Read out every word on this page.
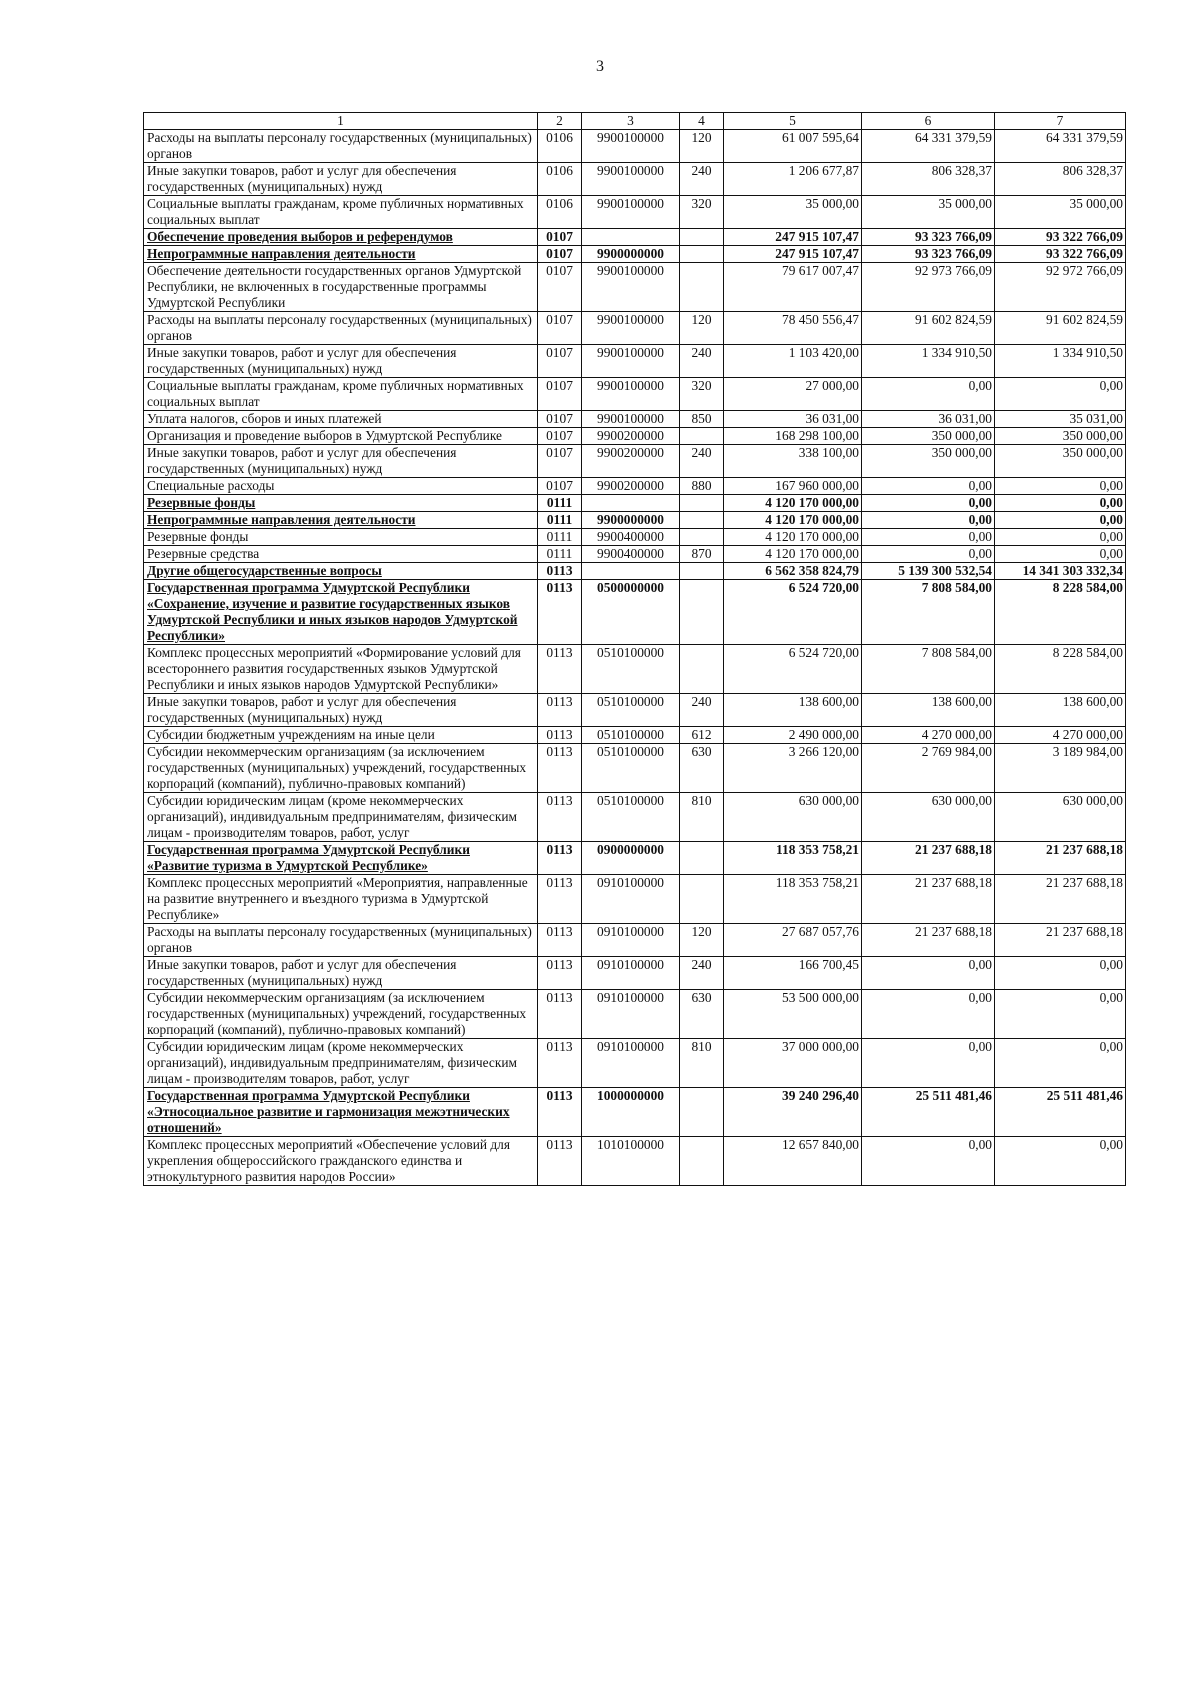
3
1	2	3	4	5	6	7
Расходы на выплаты персоналу государственных (муниципальных) органов	0106	9900100000	120	61 007 595,64	64 331 379,59	64 331 379,59
Иные закупки товаров, работ и услуг для обеспечения государственных (муниципальных) нужд	0106	9900100000	240	1 206 677,87	806 328,37	806 328,37
Социальные выплаты гражданам, кроме публичных нормативных социальных выплат	0106	9900100000	320	35 000,00	35 000,00	35 000,00
Обеспечение проведения выборов и референдумов	0107			247 915 107,47	93 323 766,09	93 322 766,09
Непрограммные направления деятельности	0107	9900000000		247 915 107,47	93 323 766,09	93 322 766,09
Обеспечение деятельности государственных органов Удмуртской Республики, не включенных в государственные программы Удмуртской Республики	0107	9900100000		79 617 007,47	92 973 766,09	92 972 766,09
Расходы на выплаты персоналу государственных (муниципальных) органов	0107	9900100000	120	78 450 556,47	91 602 824,59	91 602 824,59
Иные закупки товаров, работ и услуг для обеспечения государственных (муниципальных) нужд	0107	9900100000	240	1 103 420,00	1 334 910,50	1 334 910,50
Социальные выплаты гражданам, кроме публичных нормативных социальных выплат	0107	9900100000	320	27 000,00	0,00	0,00
Уплата налогов, сборов и иных платежей	0107	9900100000	850	36 031,00	36 031,00	35 031,00
Организация и проведение выборов в Удмуртской Республике	0107	9900200000		168 298 100,00	350 000,00	350 000,00
Иные закупки товаров, работ и услуг для обеспечения государственных (муниципальных) нужд	0107	9900200000	240	338 100,00	350 000,00	350 000,00
Специальные расходы	0107	9900200000	880	167 960 000,00	0,00	0,00
Резервные фонды	0111			4 120 170 000,00	0,00	0,00
Непрограммные направления деятельности	0111	9900000000		4 120 170 000,00	0,00	0,00
Резервные фонды	0111	9900400000		4 120 170 000,00	0,00	0,00
Резервные средства	0111	9900400000	870	4 120 170 000,00	0,00	0,00
Другие общегосударственные вопросы	0113			6 562 358 824,79	5 139 300 532,54	14 341 303 332,34
Государственная программа Удмуртской Республики «Сохранение, изучение и развитие государственных языков Удмуртской Республики и иных языков народов Удмуртской Республики»	0113	0500000000		6 524 720,00	7 808 584,00	8 228 584,00
Комплекс процессных мероприятий «Формирование условий для всестороннего развития государственных языков Удмуртской Республики и иных языков народов Удмуртской Республики»	0113	0510100000		6 524 720,00	7 808 584,00	8 228 584,00
Иные закупки товаров, работ и услуг для обеспечения государственных (муниципальных) нужд	0113	0510100000	240	138 600,00	138 600,00	138 600,00
Субсидии бюджетным учреждениям на иные цели	0113	0510100000	612	2 490 000,00	4 270 000,00	4 270 000,00
Субсидии некоммерческим организациям (за исключением государственных (муниципальных) учреждений, государственных корпораций (компаний), публично-правовых компаний)	0113	0510100000	630	3 266 120,00	2 769 984,00	3 189 984,00
Субсидии юридическим лицам (кроме некоммерческих организаций), индивидуальным предпринимателям, физическим лицам - производителям товаров, работ, услуг	0113	0510100000	810	630 000,00	630 000,00	630 000,00
Государственная программа Удмуртской Республики «Развитие туризма в Удмуртской Республике»	0113	0900000000		118 353 758,21	21 237 688,18	21 237 688,18
Комплекс процессных мероприятий «Мероприятия, направленные на развитие внутреннего и въездного туризма в Удмуртской Республике»	0113	0910100000		118 353 758,21	21 237 688,18	21 237 688,18
Расходы на выплаты персоналу государственных (муниципальных) органов	0113	0910100000	120	27 687 057,76	21 237 688,18	21 237 688,18
Иные закупки товаров, работ и услуг для обеспечения государственных (муниципальных) нужд	0113	0910100000	240	166 700,45	0,00	0,00
Субсидии некоммерческим организациям (за исключением государственных (муниципальных) учреждений, государственных корпораций (компаний), публично-правовых компаний)	0113	0910100000	630	53 500 000,00	0,00	0,00
Субсидии юридическим лицам (кроме некоммерческих организаций), индивидуальным предпринимателям, физическим лицам - производителям товаров, работ, услуг	0113	0910100000	810	37 000 000,00	0,00	0,00
Государственная программа Удмуртской Республики «Этносоциальное развитие и гармонизация межэтнических отношений»	0113	1000000000		39 240 296,40	25 511 481,46	25 511 481,46
Комплекс процессных мероприятий «Обеспечение условий для укрепления общероссийского гражданского единства и этнокультурного развития народов России»	0113	1010100000		12 657 840,00	0,00	0,00
